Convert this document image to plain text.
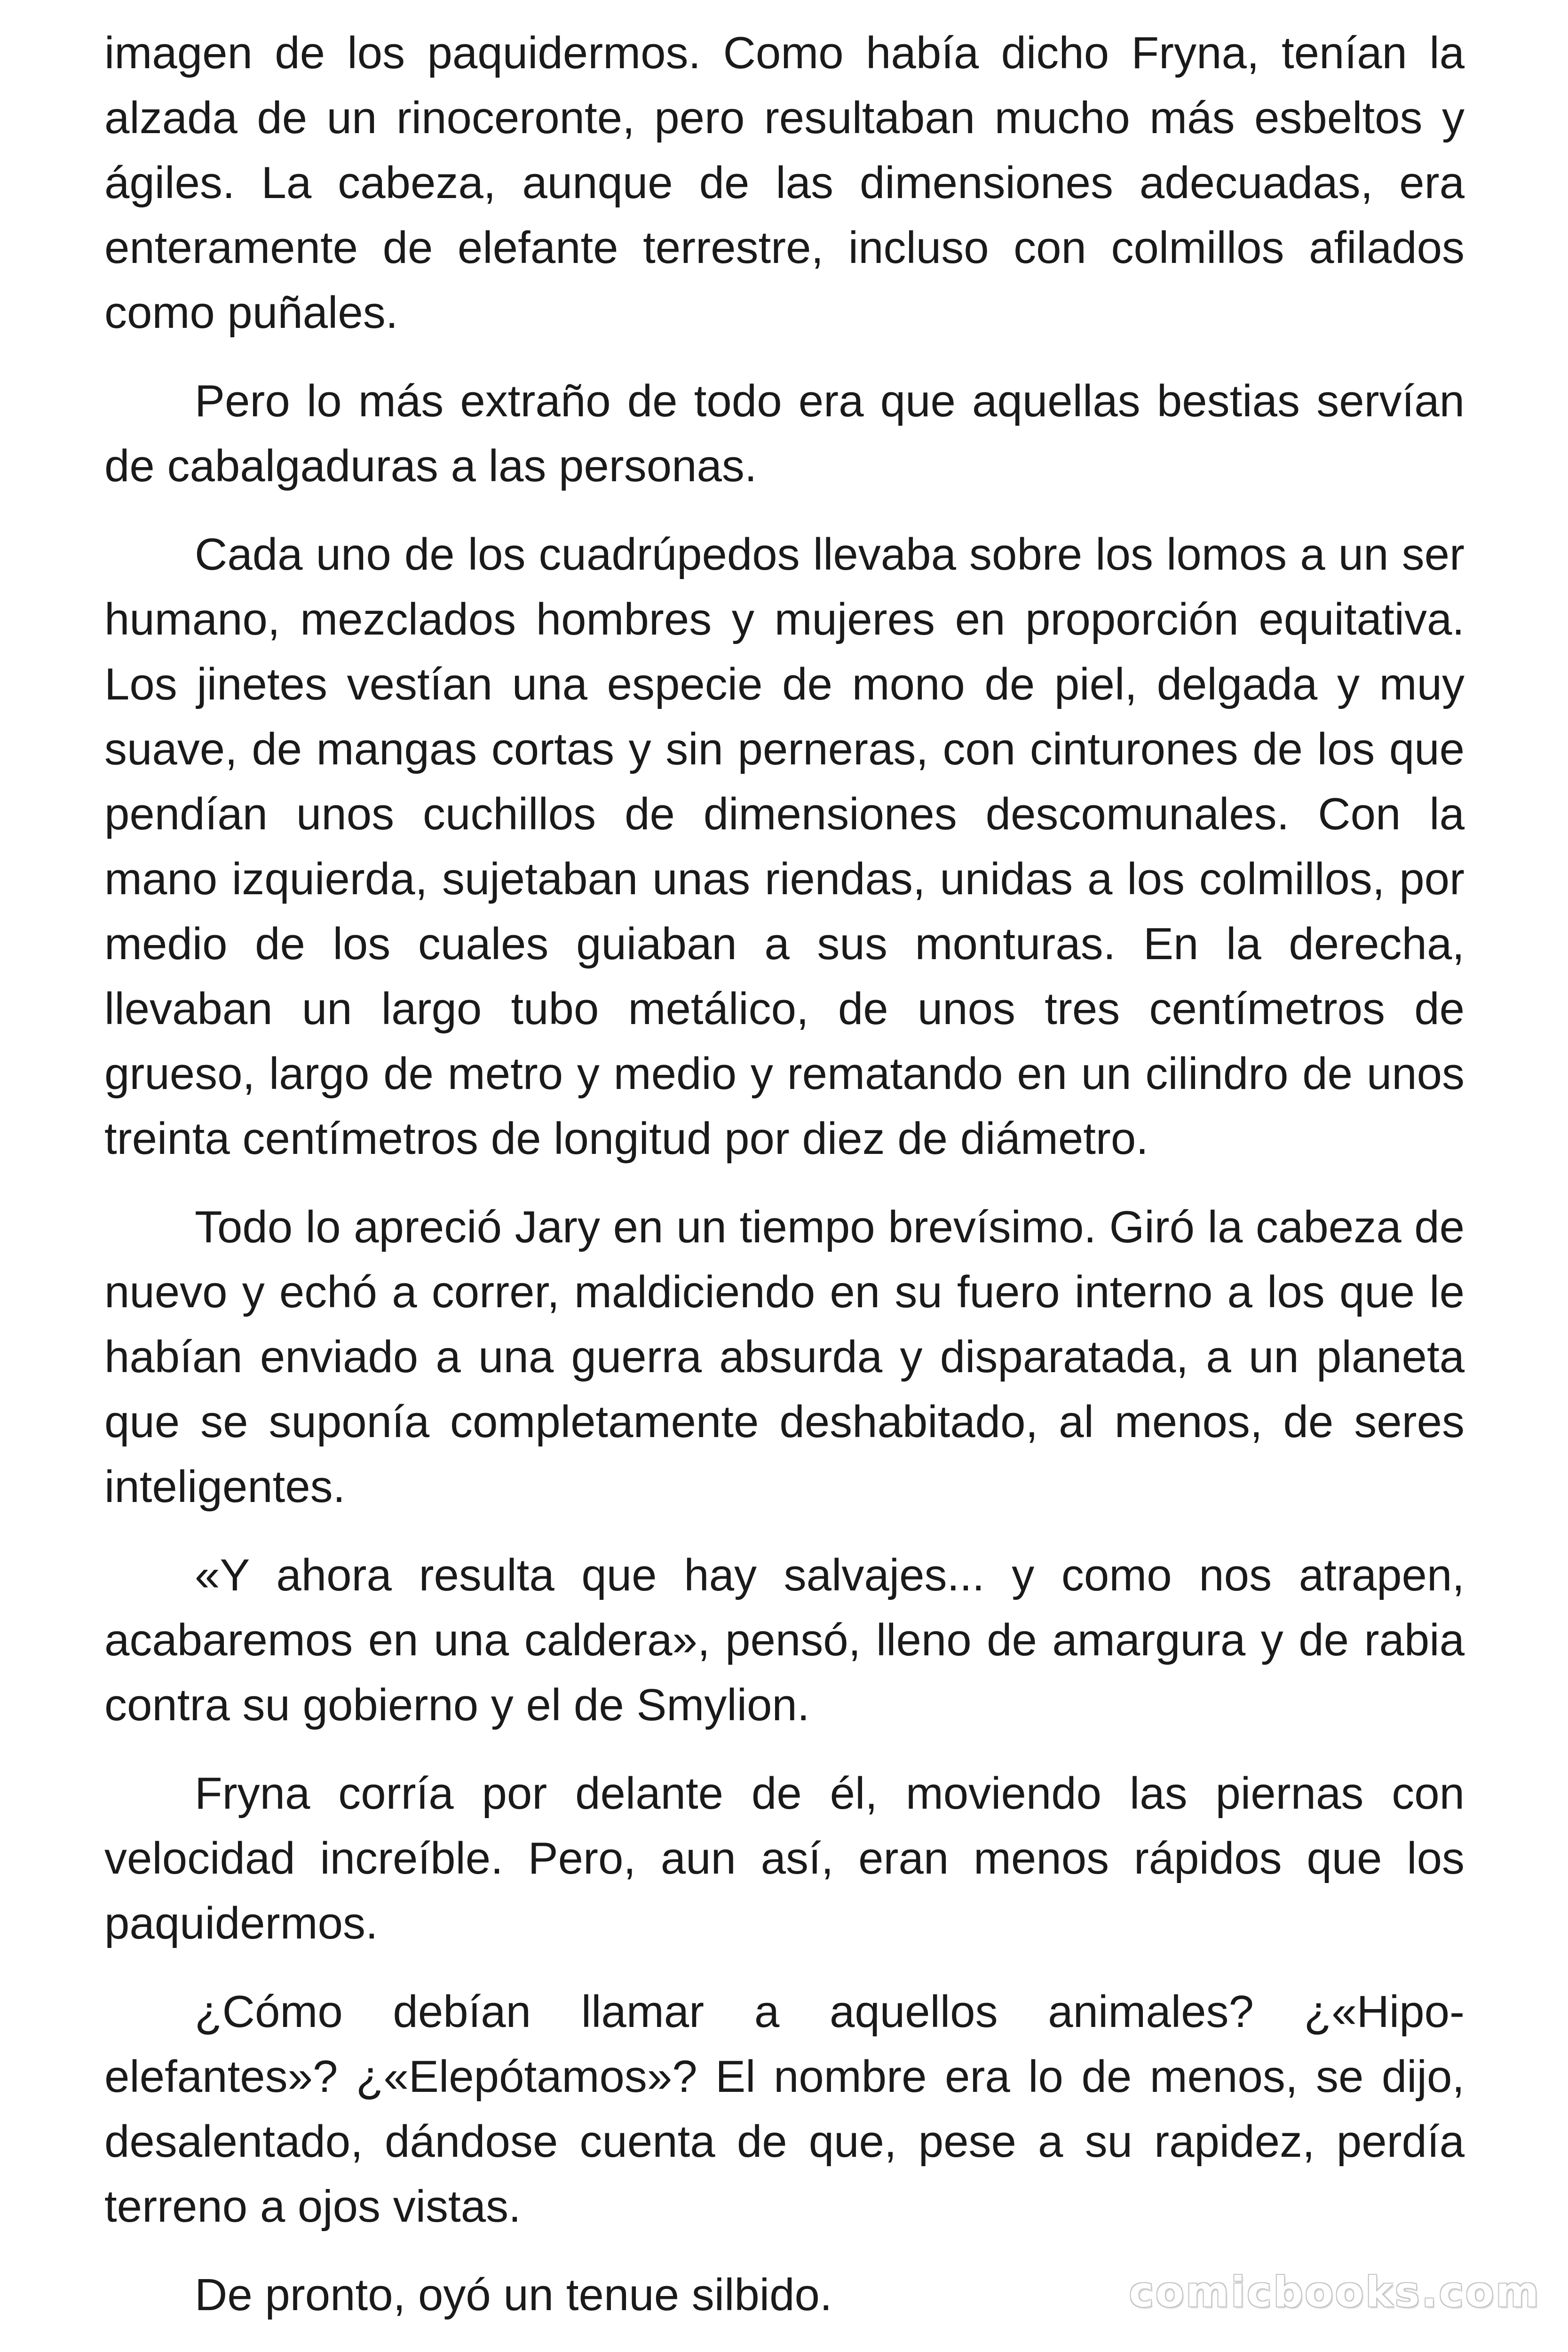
imagen de los paquidermos. Como había dicho Fryna, tenían la alzada de un rinoceronte, pero resultaban mucho más esbeltos y ágiles. La cabeza, aunque de las dimensiones adecuadas, era enteramente de elefante terrestre, incluso con colmillos afilados como puñales.

Pero lo más extraño de todo era que aquellas bestias servían de cabalgaduras a las personas.

Cada uno de los cuadrúpedos llevaba sobre los lomos a un ser humano, mezclados hombres y mujeres en proporción equitativa. Los jinetes vestían una especie de mono de piel, delgada y muy suave, de mangas cortas y sin perneras, con cinturones de los que pendían unos cuchillos de dimensiones descomunales. Con la mano izquierda, sujetaban unas riendas, unidas a los colmillos, por medio de los cuales guiaban a sus monturas. En la derecha, llevaban un largo tubo metálico, de unos tres centímetros de grueso, largo de metro y medio y rematando en un cilindro de unos treinta centímetros de longitud por diez de diámetro.

Todo lo apreció Jary en un tiempo brevísimo. Giró la cabeza de nuevo y echó a correr, maldiciendo en su fuero interno a los que le habían enviado a una guerra absurda y disparatada, a un planeta que se suponía completamente deshabitado, al menos, de seres inteligentes.

«Y ahora resulta que hay salvajes... y como nos atrapen, acabaremos en una caldera», pensó, lleno de amargura y de rabia contra su gobierno y el de Smylion.

Fryna corría por delante de él, moviendo las piernas con velocidad increíble. Pero, aun así, eran menos rápidos que los paquidermos.

¿Cómo debían llamar a aquellos animales? ¿«Hipo-elefantes»? ¿«Elepótamos»? El nombre era lo de menos, se dijo, desalentado, dándose cuenta de que, pese a su rapidez, perdía terreno a ojos vistas.

De pronto, oyó un tenue silbido.	comicbooks.com
